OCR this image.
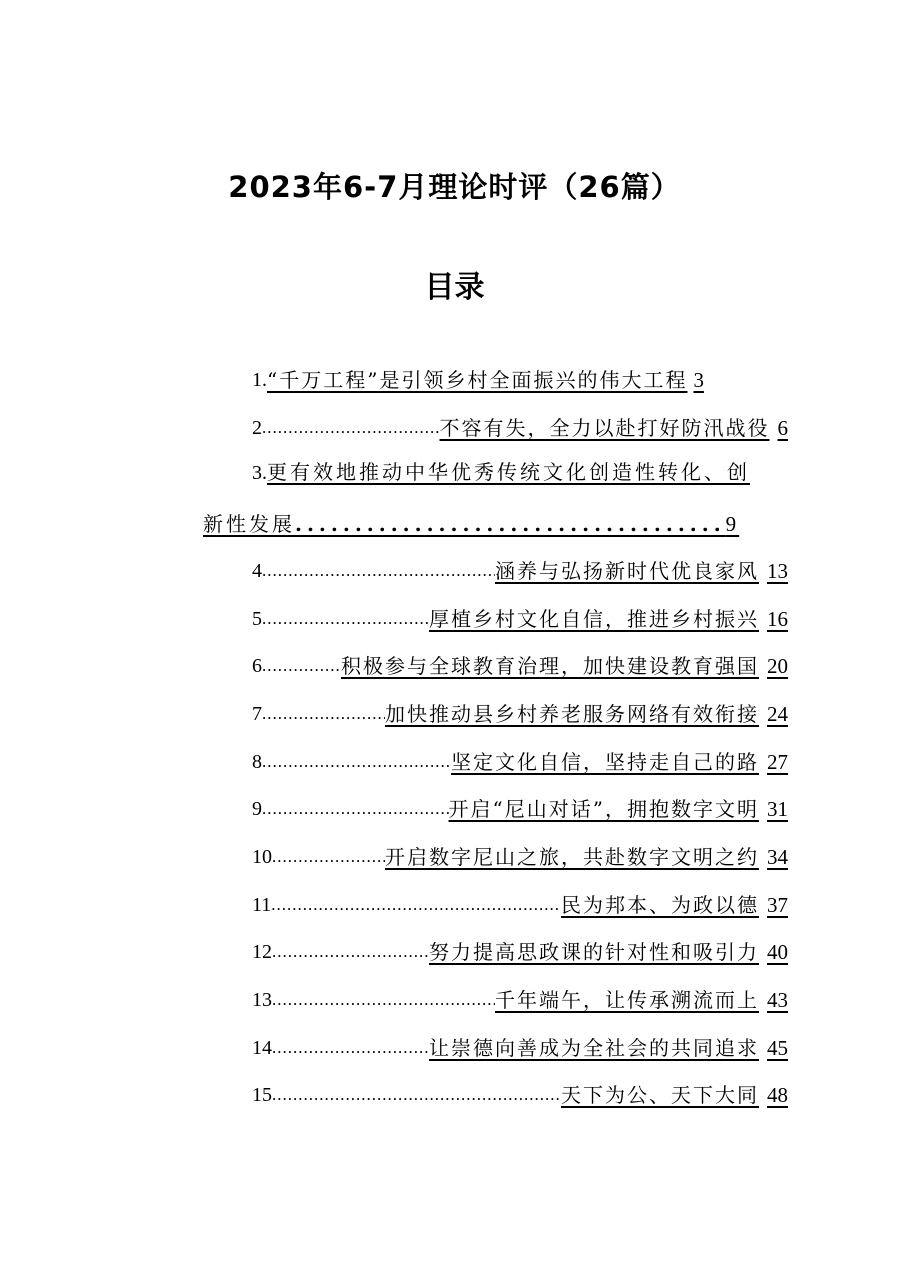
2023年6-7月理论时评（26篇）
目录
1. “千万工程”是引领乡村全面振兴的伟大工程 3
2 .....	不容有失，全力以赴打好防汛战役 6
3.更有效地推动中华优秀传统文化创造性转化、创
新性发展 .................................... 9
4 .....	涵养与弘扬新时代优良家风 13
5 .....	厚植乡村文化自信，推进乡村振兴 16
6 .....	积极参与全球教育治理，加快建设教育强国 20
7 .....	加快推动县乡村养老服务网络有效衔接 24
8 .....	坚定文化自信，坚持走自己的路 27
9 .....	开启“尼山对话”，拥抱数字文明 31
10 .....	开启数字尼山之旅，共赴数字文明之约 34
11 .....	民为邦本、为政以德 37
12 .....	努力提高思政课的针对性和吸引力 40
13 .....	千年端午，让传承溯流而上 43
14 .....	让崇德向善成为全社会的共同追求 45
15 .....	天下为公、天下大同 48
